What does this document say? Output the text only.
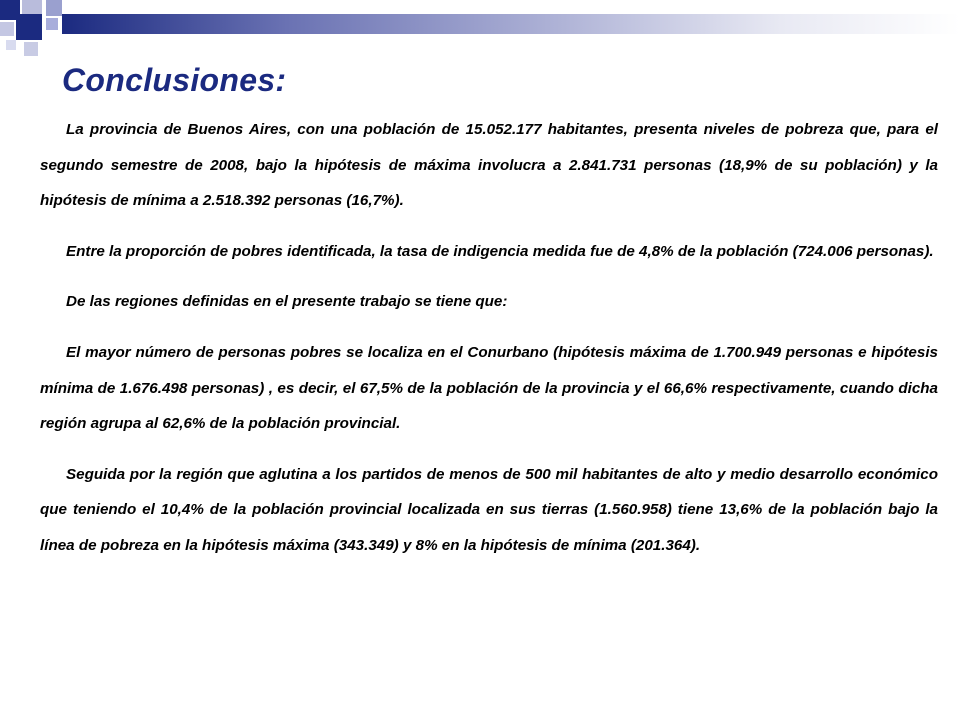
Conclusiones:

La provincia de Buenos Aires, con una población de 15.052.177 habitantes, presenta niveles de pobreza que, para el segundo semestre de 2008, bajo la hipótesis de máxima involucra a 2.841.731 personas (18,9% de su población) y la hipótesis de mínima a 2.518.392 personas (16,7%).

Entre la proporción de pobres identificada, la tasa de indigencia medida fue de 4,8% de la población (724.006 personas).

De las regiones definidas en el presente trabajo se tiene que:

El mayor número de personas pobres se localiza en el Conurbano (hipótesis máxima de 1.700.949 personas e hipótesis mínima de 1.676.498 personas) , es decir, el 67,5% de la población de la provincia y el 66,6% respectivamente, cuando dicha región agrupa al 62,6% de la población provincial.

Seguida por la región que aglutina a los partidos de menos de 500 mil habitantes de alto y medio desarrollo económico que teniendo el 10,4% de la población provincial localizada en sus tierras (1.560.958) tiene 13,6% de la población bajo la línea de pobreza en la hipótesis máxima (343.349) y 8% en la hipótesis de mínima (201.364).
